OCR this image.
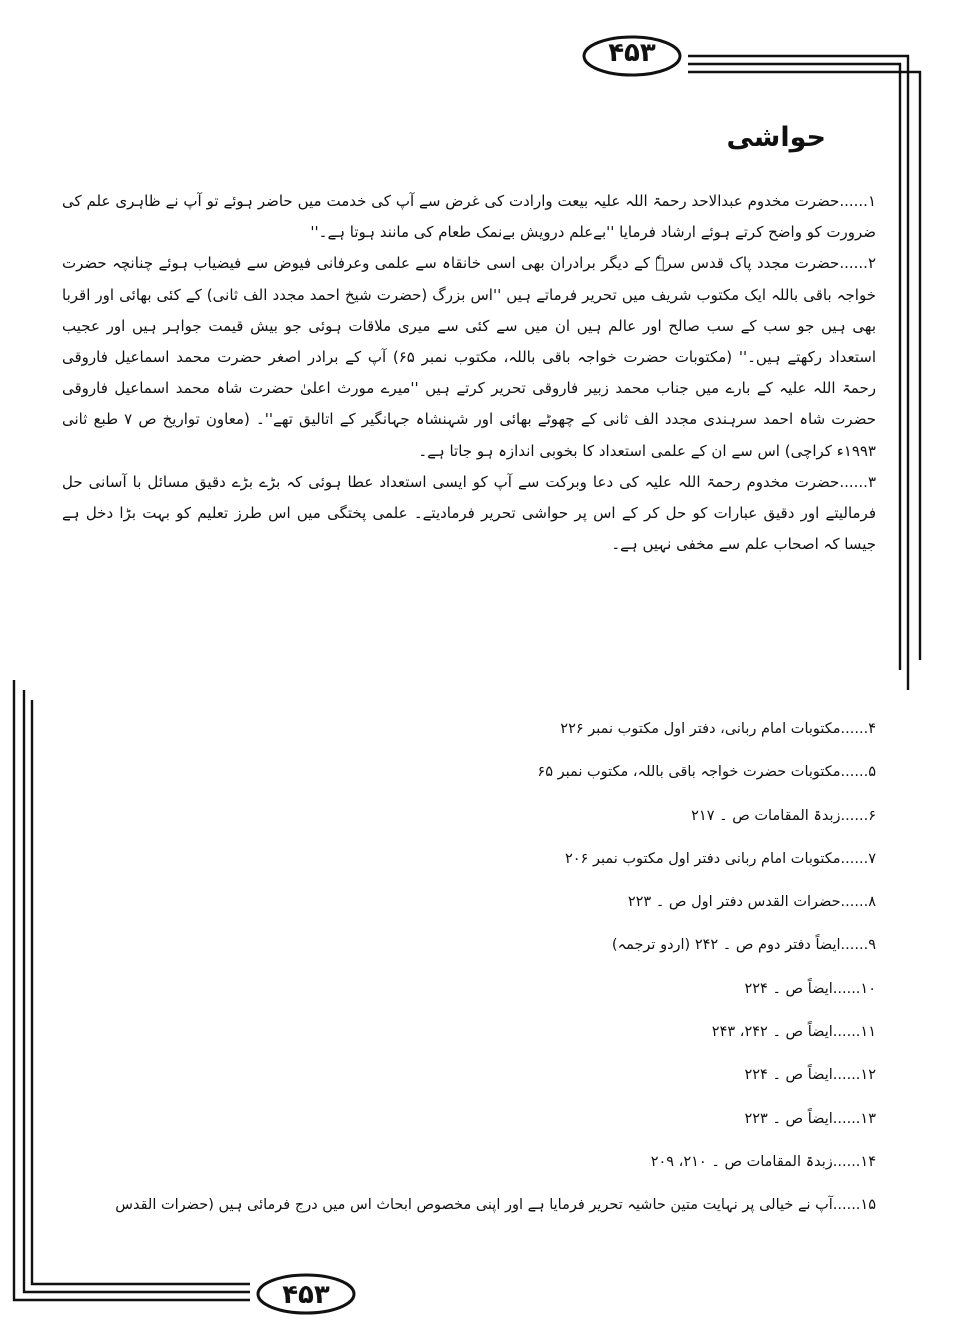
۴۵۳
۴۵۳
حواشی

۱......حضرت مخدوم عبدالاحد رحمۃ اللہ علیہ بیعت وارادت کی غرض سے آپ کی خدمت میں حاضر ہوئے تو آپ نے ظاہری علم کی ضرورت کو واضح کرتے ہوئے ارشاد فرمایا ''بےعلم درویش بےنمک طعام کی مانند ہوتا ہے۔''

۲......حضرت مجدد پاک قدس سرہٗ کے دیگر برادران بھی اسی خانقاہ سے علمی وعرفانی فیوض سے فیضیاب ہوئے چنانچہ حضرت خواجہ باقی باللہ ایک مکتوب شریف میں تحریر فرماتے ہیں ''اس بزرگ (حضرت شیخ احمد مجدد الف ثانی) کے کئی بھائی اور اقربا بھی ہیں جو سب کے سب صالح اور عالم ہیں ان میں سے کئی سے میری ملاقات ہوئی جو بیش قیمت جواہر ہیں اور عجیب استعداد رکھتے ہیں۔'' (مکتوبات حضرت خواجہ باقی باللہ، مکتوب نمبر ۶۵) آپ کے برادر اصغر حضرت محمد اسماعیل فاروقی رحمۃ اللہ علیہ کے بارے میں جناب محمد زبیر فاروقی تحریر کرتے ہیں ''میرے مورث اعلیٰ حضرت شاہ محمد اسماعیل فاروقی حضرت شاہ احمد سرہندی مجدد الف ثانی کے چھوٹے بھائی اور شہنشاہ جہانگیر کے اتالیق تھے''۔ (معاون تواریخ ص ۷ طبع ثانی ۱۹۹۳ء کراچی) اس سے ان کے علمی استعداد کا بخوبی اندازہ ہو جاتا ہے۔

۳......حضرت مخدوم رحمۃ اللہ علیہ کی دعا وبرکت سے آپ کو ایسی استعداد عطا ہوئی کہ بڑے بڑے دقیق مسائل با آسانی حل فرمالیتے اور دقیق عبارات کو حل کر کے اس پر حواشی تحریر فرمادیتے۔ علمی پختگی میں اس طرز تعلیم کو بہت بڑا دخل ہے جیسا کہ اصحاب علم سے مخفی نہیں ہے۔

۴......مکتوبات امام ربانی، دفتر اول مکتوب نمبر ۲۲۶

۵......مکتوبات حضرت خواجہ باقی باللہ، مکتوب نمبر ۶۵

۶......زبدۃ المقامات ص ۔ ۲۱۷

۷......مکتوبات امام ربانی دفتر اول مکتوب نمبر ۲۰۶

۸......حضرات القدس دفتر اول ص ۔ ۲۲۳

۹......ایضاً دفتر دوم ص ۔ ۲۴۲ (اردو ترجمہ)

۱۰......ایضاً ص ۔ ۲۲۴

۱۱......ایضاً ص ۔ ۲۴۲، ۲۴۳

۱۲......ایضاً ص ۔ ۲۲۴

۱۳......ایضاً ص ۔ ۲۲۳

۱۴......زبدۃ المقامات ص ۔ ۲۱۰، ۲۰۹

۱۵......آپ نے خیالی پر نہایت متین حاشیہ تحریر فرمایا ہے اور اپنی مخصوص ابحاث اس میں درج فرمائی ہیں (حضرات القدس
